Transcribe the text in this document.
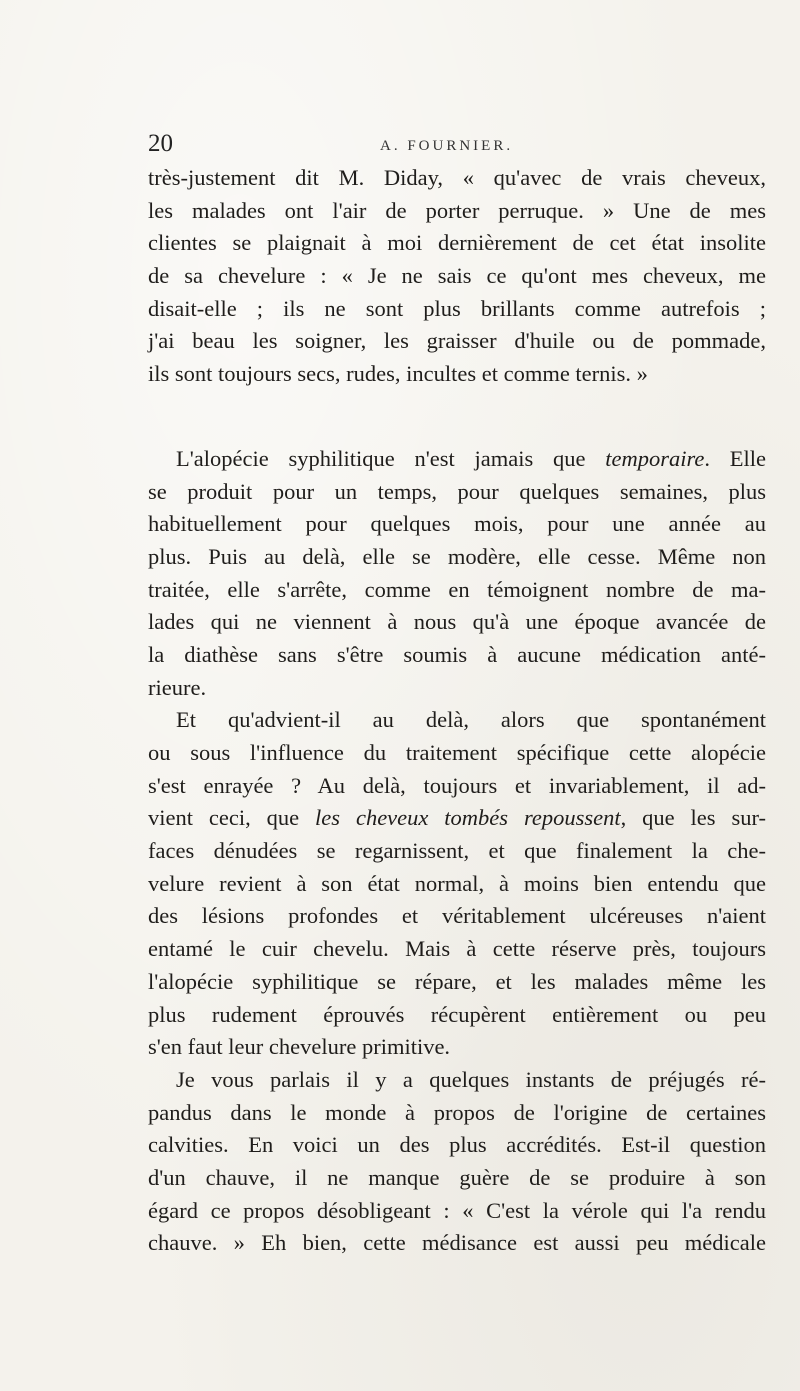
20	A. FOURNIER.
très-justement dit M. Diday, « qu'avec de vrais cheveux,
les malades ont l'air de porter perruque. » Une de mes
clientes se plaignait à moi dernièrement de cet état insolite
de sa chevelure : « Je ne sais ce qu'ont mes cheveux, me
disait-elle ; ils ne sont plus brillants comme autrefois ;
j'ai beau les soigner, les graisser d'huile ou de pommade,
ils sont toujours secs, rudes, incultes et comme ternis. »
L'alopécie syphilitique n'est jamais que temporaire. Elle
se produit pour un temps, pour quelques semaines, plus
habituellement pour quelques mois, pour une année au
plus. Puis au delà, elle se modère, elle cesse. Même non
traitée, elle s'arrête, comme en témoignent nombre de ma-
lades qui ne viennent à nous qu'à une époque avancée de
la diathèse sans s'être soumis à aucune médication anté-
rieure.
Et qu'advient-il au delà, alors que spontanément
ou sous l'influence du traitement spécifique cette alopécie
s'est enrayée ? Au delà, toujours et invariablement, il ad-
vient ceci, que les cheveux tombés repoussent, que les sur-
faces dénudées se regarnissent, et que finalement la che-
velure revient à son état normal, à moins bien entendu que
des lésions profondes et véritablement ulcéreuses n'aient
entamé le cuir chevelu. Mais à cette réserve près, toujours
l'alopécie syphilitique se répare, et les malades même les
plus rudement éprouvés récupèrent entièrement ou peu
s'en faut leur chevelure primitive.
Je vous parlais il y a quelques instants de préjugés ré-
pandus dans le monde à propos de l'origine de certaines
calvities. En voici un des plus accrédités. Est-il question
d'un chauve, il ne manque guère de se produire à son
égard ce propos désobligeant : « C'est la vérole qui l'a rendu
chauve. » Eh bien, cette médisance est aussi peu médicale
